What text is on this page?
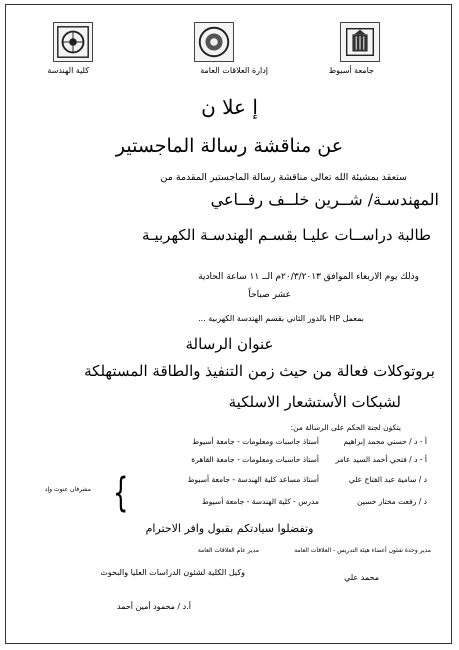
جامعة أسيوط
إدارة العلاقات العامة
كلية الهندسة
إ علا ن
عن مناقشة رسالة الماجستير
ستعقد بمشيئة الله تعالى مناقشة رسالة الماجستير المقدمة من
المهندسـة/ شــرين خلــف رفــاعي
طالبة دراســات عليـا بقسـم الهندسـة الكهربيـة
وذلك يوم الاربعاء الموافق ٢٠/٣/٢٠١٣م الــ ١١ ساعة الحادية
عشر صباحاً
بمعمل HP بالدور الثاني بقسم الهندسة الكهربية ...
عنوان الرسالة
بروتوكلات فعالة من حيث زمن التنفيذ والطاقة المستهلكة
لشبكات الأستشعار الاسلكية
يتكون لجنة الحكم على الرسالة من:
أ - د / حسني محمد إبراهيم
أستاذ حاسبات ومعلومات - جامعة أسيوط
أ - د / فتحي أحمد السيد عامر
أستاذ حاسبات ومعلومات - جامعة القاهرة
د / سامية عبد الفتاح علي
أستاذ مساعد كلية الهندسة - جامعة أسيوط
د / رفعت مختار حسين
مدرس - كلية الهندسة - جامعة أسيوط
{
مشرفان عنوت وإد
وتفضلوا سيادتكم بقبول وافر الاحترام
مدير وحدة شئون أعضاء هيئة التدريس - العلاقات العامة
مدير عام العلاقات العامة
محمد علي
وكيل الكلية لشئون الدراسات العليا والبحوث
أ.د / محمود أمين أحمد
